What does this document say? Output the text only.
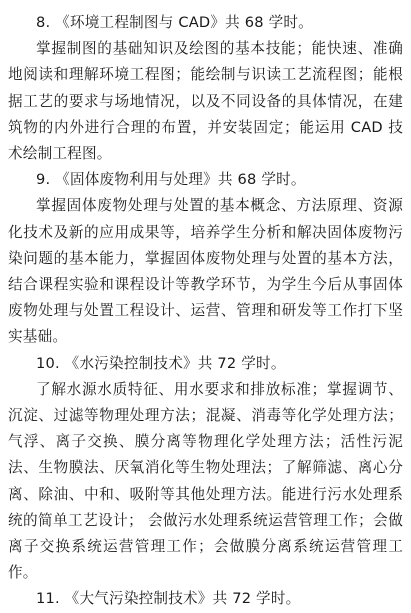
8. 《环境工程制图与 CAD》共 68 学时。

掌握制图的基础知识及绘图的基本技能；能快速、准确地阅读和理解环境工程图；能绘制与识读工艺流程图；能根据工艺的要求与场地情况，以及不同设备的具体情况，在建筑物的内外进行合理的布置，并安装固定；能运用 CAD 技术绘制工程图。

9. 《固体废物利用与处理》共 68 学时。

掌握固体废物处理与处置的基本概念、方法原理、资源化技术及新的应用成果等，培养学生分析和解决固体废物污染问题的基本能力，掌握固体废物处理与处置的基本方法，结合课程实验和课程设计等教学环节，为学生今后从事固体废物处理与处置工程设计、运营、管理和研发等工作打下坚实基础。

10. 《水污染控制技术》共 72 学时。

了解水源水质特征、用水要求和排放标准；掌握调节、沉淀、过滤等物理处理方法；混凝、消毒等化学处理方法；气浮、离子交换、膜分离等物理化学处理方法；活性污泥法、生物膜法、厌氧消化等生物处理法；了解筛滤、离心分离、除油、中和、吸附等其他处理方法。能进行污水处理系统的简单工艺设计； 会做污水处理系统运营管理工作；会做离子交换系统运营管理工作；会做膜分离系统运营管理工作。

11. 《大气污染控制技术》共 72 学时。
